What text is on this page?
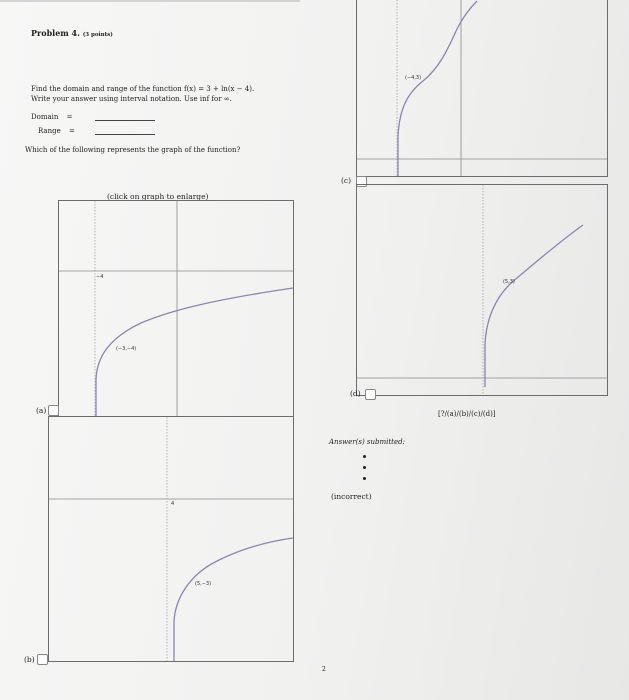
Problem 4. (3 points)
Find the domain and range of the function f(x) = 3 + ln(x − 4).
Write your answer using interval notation. Use inf for ∞.
Domain =
Range =
Which of the following represents the graph of the function?
(click on graph to enlarge)
−4
(−3,−4)
(a)
4
(5,−3)
(b)
(−4,3)
(c)
(5,3)
(d)
[?/(a)/(b)/(c)/(d)]
Answer(s) submitted:
(incorrect)
2
